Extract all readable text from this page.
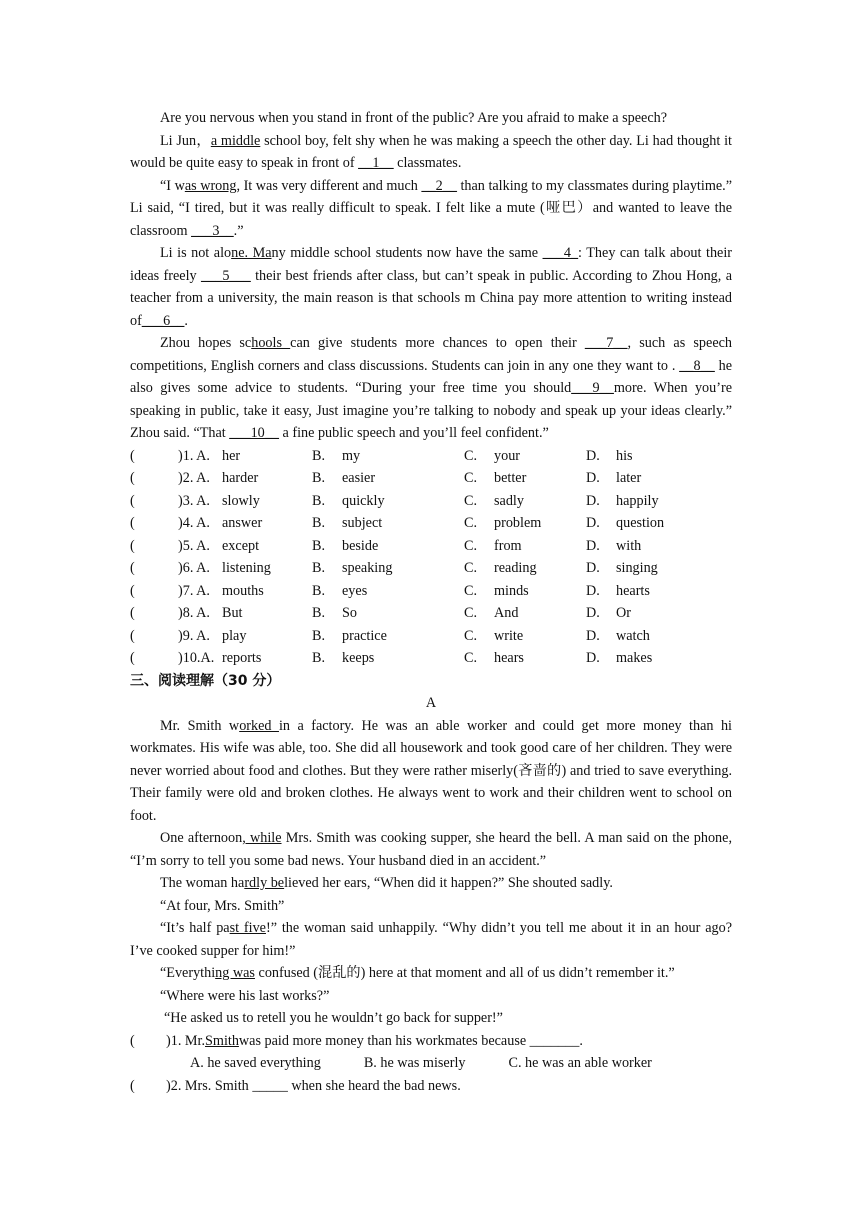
Are you nervous when you stand in front of the public? Are you afraid to make a speech?

Li Jun，a middle school boy, felt shy when he was making a speech the other day. Li had thought it would be quite easy to speak in front of __1__ classmates.

“I was wrong, It was very different and much __2__ than talking to my classmates during playtime.” Li said, “I tired, but it was really difficult to speak. I felt like a mute (哑巴）and wanted to leave the classroom ___3__.”

Li is not alone. Many middle school students now have the same ___4_: They can talk about their ideas freely ___5___ their best friends after class, but can’t speak in public. According to Zhou Hong, a teacher from a university, the main reason is that schools m China pay more attention to writing instead of___6__.

Zhou hopes schools can give students more chances to open their ___7__, such as speech competitions, English corners and class discussions. Students can join in any one they want to . __8__ he also gives some advice to students. “During your free time you should___9__more. When you’re speaking in public, take it easy, Just imagine you’re talking to nobody and speak up your ideas clearly.” Zhou said. “That ___10__ a fine public speech and you’ll feel confident.”

(	)1. A. her	B.	my	C.	your	D.	his
(	)2. A. harder	B.	easier	C.	better	D.	later
(	)3. A. slowly	B.	quickly	C.	sadly	D.	happily
(	)4. A. answer	B.	subject	C.	problem	D.	question
(	)5. A. except	B.	beside	C.	from	D.	with
(	)6. A. listening	B.	speaking	C.	reading	D.	singing
(	)7. A. mouths	B.	eyes	C.	minds	D.	hearts
(	)8. A. But	B.	So	C.	And	D.	Or
(	)9. A. play	B.	practice	C.	write	D.	watch
(	)10.A. reports	B.	keeps	C.	hears	D.	makes

三、阅读理解（30 分）

A

Mr. Smith worked in a factory. He was an able worker and could get more money than hi workmates. His wife was able, too. She did all housework and took good care of her children. They were never worried about food and clothes. But they were rather miserly(吝啬的) and tried to save everything. Their family were old and broken clothes. He always went to work and their children went to school on foot.

One afternoon, while Mrs. Smith was cooking supper, she heard the bell. A man said on the phone, “I’m sorry to tell you some bad news. Your husband died in an accident.”

The woman hardly believed her ears, “When did it happen?” She shouted sadly.

“At four, Mrs. Smith”

“It’s half past five!” the woman said unhappily. “Why didn’t you tell me about it in an hour ago? I’ve cooked supper for him!”

“Everything was confused (混乱的) here at that moment and all of us didn’t remember it.”

“Where were his last works?”

“He asked us to retell you he wouldn’t go back for supper!”

(	)1. Mr. Smith was paid more money than his workmates because _______.
A. he saved everything	B. he was miserly	C. he was an able worker
(	)2. Mrs. Smith _____ when she heard the bad news.
